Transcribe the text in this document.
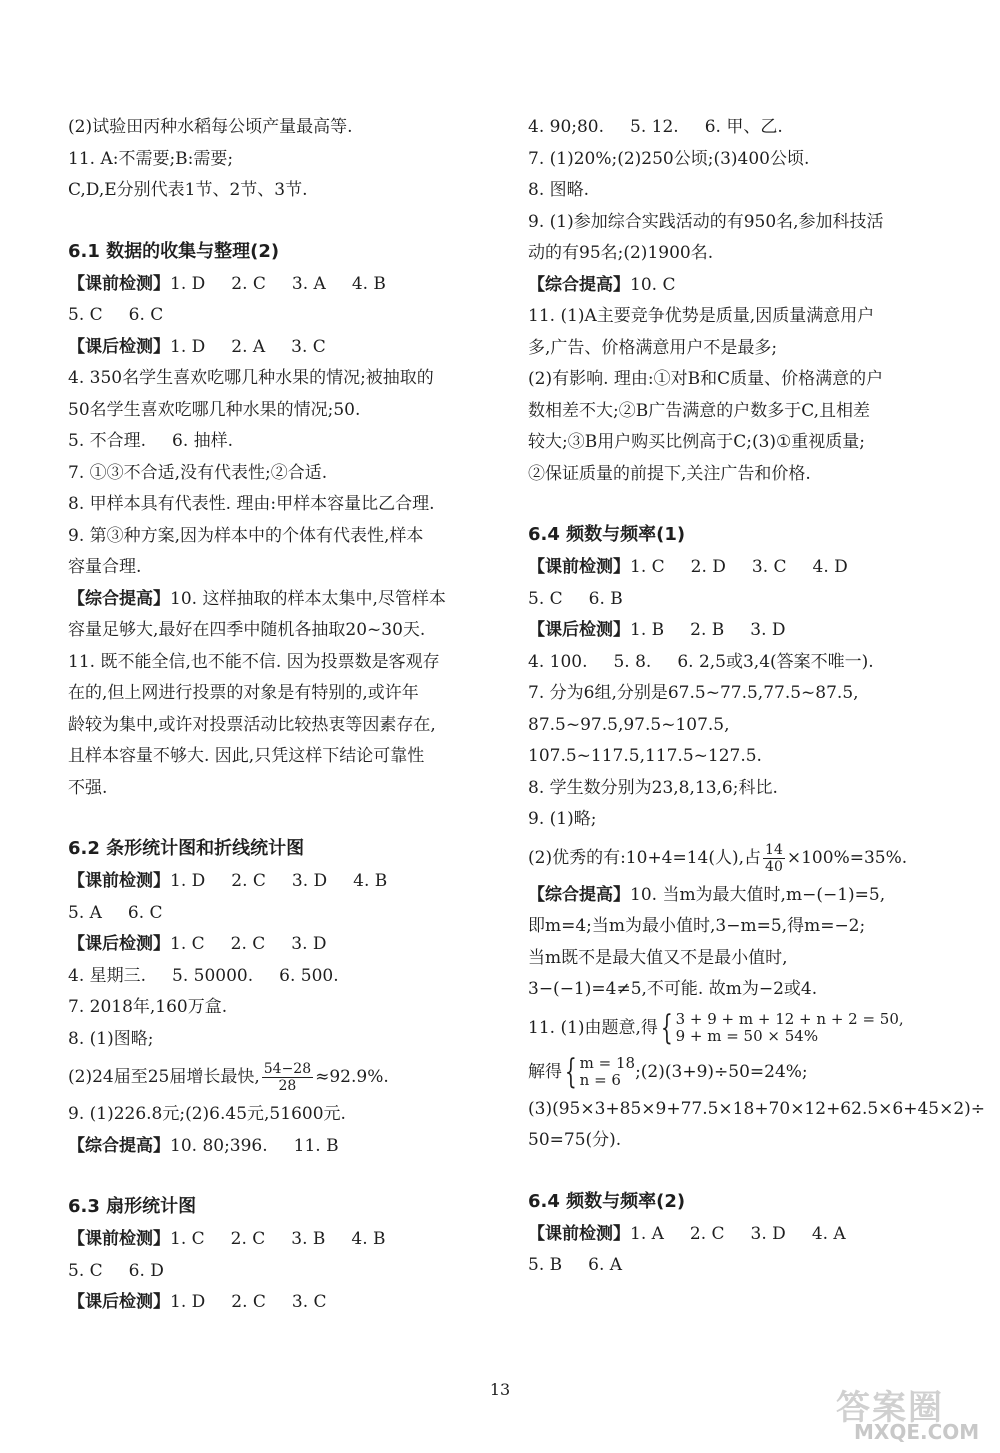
(2)试验田丙种水稻每公顷产量最高等.
11. A:不需要;B:需要;
C,D,E分别代表1节、2节、3节.
6.1 数据的收集与整理(2)
【课前检测】1. D 2. C 3. A 4. B
5. C 6. C
【课后检测】1. D 2. A 3. C
4. 350名学生喜欢吃哪几种水果的情况;被抽取的
50名学生喜欢吃哪几种水果的情况;50.
5. 不合理. 6. 抽样.
7. ①③不合适,没有代表性;②合适.
8. 甲样本具有代表性. 理由:甲样本容量比乙合理.
9. 第③种方案,因为样本中的个体有代表性,样本
容量合理.
【综合提高】10. 这样抽取的样本太集中,尽管样本
容量足够大,最好在四季中随机各抽取20~30天.
11. 既不能全信,也不能不信. 因为投票数是客观存
在的,但上网进行投票的对象是有特别的,或许年
龄较为集中,或许对投票活动比较热衷等因素存在,
且样本容量不够大. 因此,只凭这样下结论可靠性
不强.
6.2 条形统计图和折线统计图
【课前检测】1. D 2. C 3. D 4. B
5. A 6. C
【课后检测】1. C 2. C 3. D
4. 星期三. 5. 50000. 6. 500.
7. 2018年,160万盒.
8. (1)图略;
(2)24届至25届增长最快, $\frac{54-28}{28} \approx 92.9\%$.
9. (1)226.8元;(2)6.45元,51600元.
【综合提高】10. 80;396. 11. B
6.3 扇形统计图
【课前检测】1. C 2. C 3. B 4. B
5. C 6. D
【课后检测】1. D 2. C 3. C
4. 90;80. 5. 12. 6. 甲、乙.
7. (1)20%;(2)250公顷;(3)400公顷.
8. 图略.
9. (1)参加综合实践活动的有950名,参加科技活
动的有95名;(2)1900名.
【综合提高】10. C
11. (1)A主要竞争优势是质量,因质量满意用户
多,广告、价格满意用户不是最多;
(2)有影响. 理由:①对B和C质量、价格满意的户
数相差不大;②B广告满意的户数多于C,且相差
较大;③B用户购买比例高于C;(3)①重视质量;
②保证质量的前提下,关注广告和价格.
6.4 频数与频率(1)
【课前检测】1. C 2. D 3. C 4. D
5. C 6. B
【课后检测】1. B 2. B 3. D
4. 100. 5. 8. 6. 2,5或3,4(答案不唯一).
7. 分为6组,分别是67.5~77.5,77.5~87.5,
87.5~97.5,97.5~107.5,
107.5~117.5,117.5~127.5.
8. 学生数分别为23,8,13,6;科比.
9. (1)略;
(2)优秀的有:10+4=14(人),占 $\frac{14}{40} \times 100\%=35\%$.
【综合提高】10. 当m为最大值时,m−(−1)=5,
即m=4;当m为最小值时,3−m=5,得m=−2;
当m既不是最大值又不是最小值时,
3−(−1)=4≠5,不可能. 故m为−2或4.
11. (1)由题意,得{ 3 + 9 + m + 12 + n + 2 = 50,
9 + m = 50 × 54%
解得{ m = 18
n = 6 ;(2)(3+9)÷50=24%;
(3)(95×3+85×9+77.5×18+70×12+62.5×6+45×2)÷
50=75(分).
6.4 频数与频率(2)
【课前检测】1. A 2. C 3. D 4. A
5. B 6. A
13	答案圈
MXQE.COM
